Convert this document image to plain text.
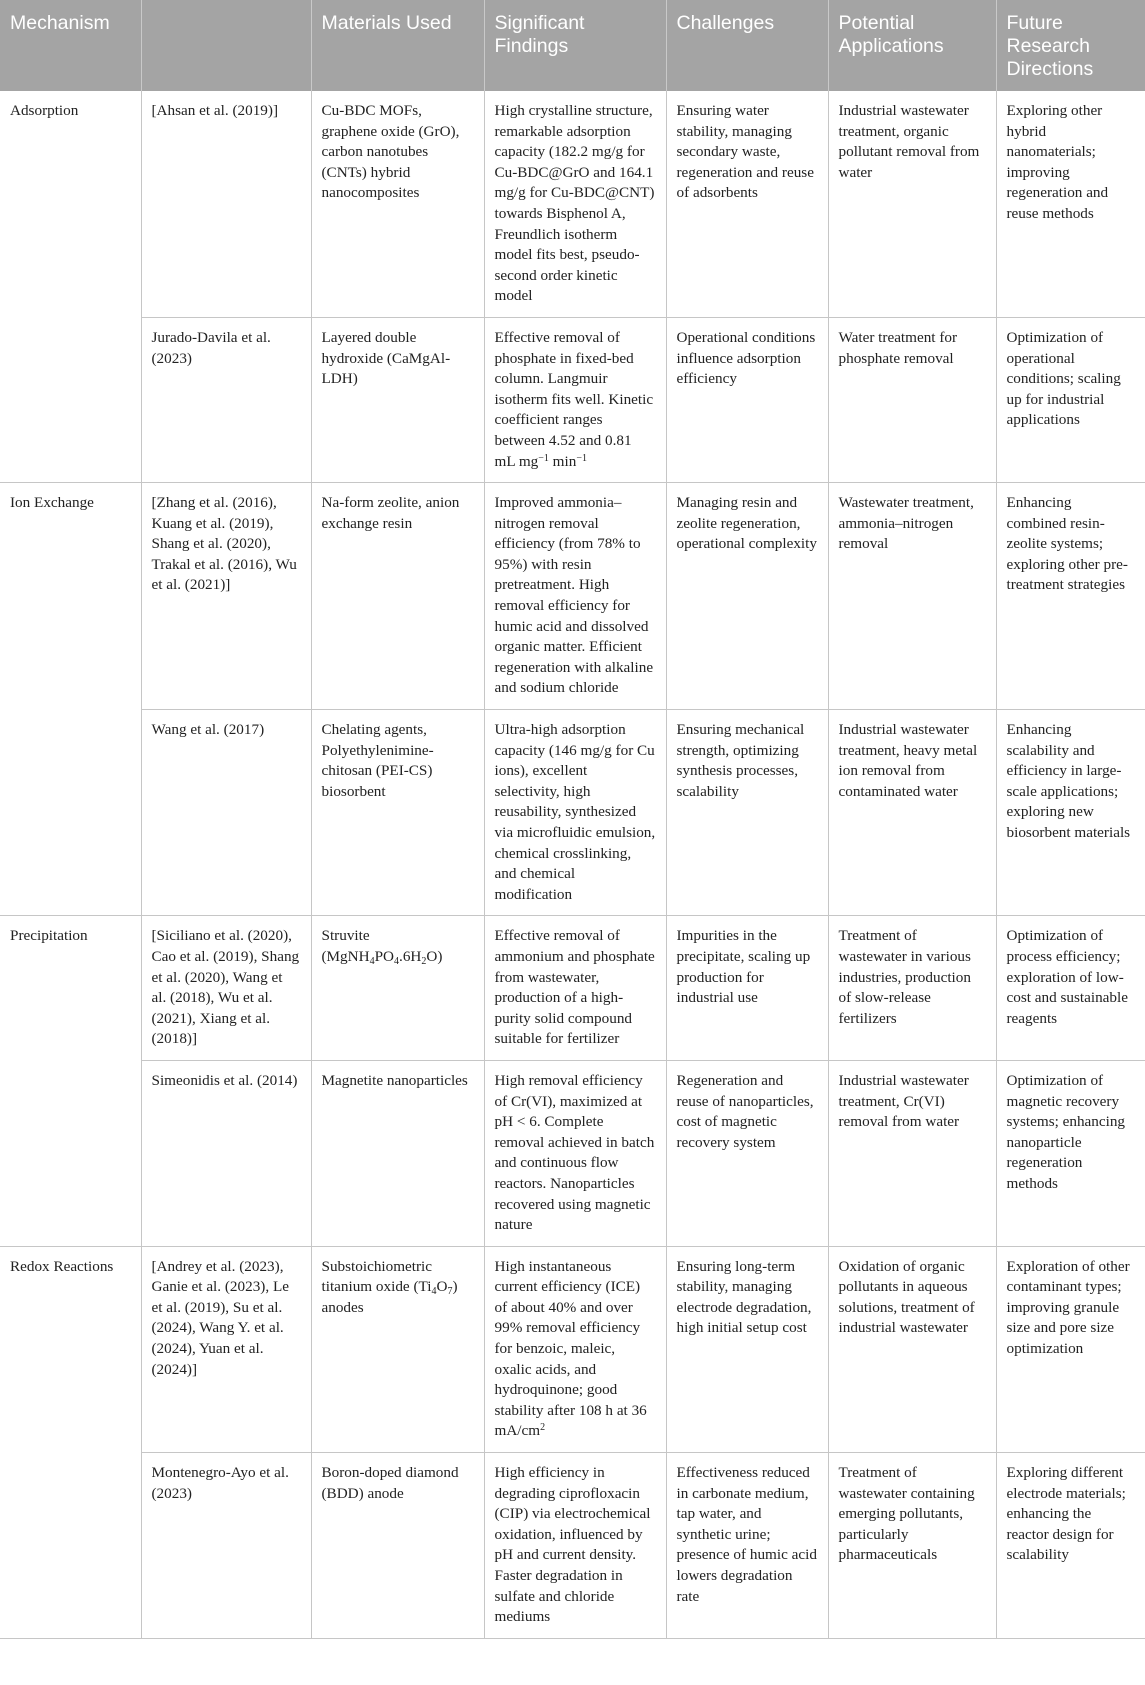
Mechanism		Materials Used	Significant Findings	Challenges	Potential Applications	Future Research Directions
Adsorption	[Ahsan et al. (2019)]	Cu-BDC MOFs, graphene oxide (GrO), carbon nanotubes (CNTs) hybrid nanocomposites	High crystalline structure, remarkable adsorption capacity (182.2 mg/g for Cu-BDC@GrO and 164.1 mg/g for Cu-BDC@CNT) towards Bisphenol A, Freundlich isotherm model fits best, pseudo-second order kinetic model	Ensuring water stability, managing secondary waste, regeneration and reuse of adsorbents	Industrial wastewater treatment, organic pollutant removal from water	Exploring other hybrid nanomaterials; improving regeneration and reuse methods
	Jurado-Davila et al. (2023)	Layered double hydroxide (CaMgAl-LDH)	Effective removal of phosphate in fixed-bed column. Langmuir isotherm fits well. Kinetic coefficient ranges between 4.52 and 0.81 mL $mg^{-1}$ $\min^{-1}$	Operational conditions influence adsorption efficiency	Water treatment for phosphate removal	Optimization of operational conditions; scaling up for industrial applications
Ion Exchange	[Zhang et al. (2016), Kuang et al. (2019), Shang et al. (2020), Trakal et al. (2016), Wu et al. (2021)]	Na-form zeolite, anion exchange resin	Improved ammonia–nitrogen removal efficiency (from 78% to 95%) with resin pretreatment. High removal efficiency for humic acid and dissolved organic matter. Efficient regeneration with alkaline and sodium chloride	Managing resin and zeolite regeneration, operational complexity	Wastewater treatment, ammonia–nitrogen removal	Enhancing combined resin-zeolite systems; exploring other pre-treatment strategies
	Wang et al. (2017)	Chelating agents, Polyethylenimine-chitosan (PEI-CS) biosorbent	Ultra-high adsorption capacity (146 mg/g for Cu ions), excellent selectivity, high reusability, synthesized via microfluidic emulsion, chemical crosslinking, and chemical modification	Ensuring mechanical strength, optimizing synthesis processes, scalability	Industrial wastewater treatment, heavy metal ion removal from contaminated water	Enhancing scalability and efficiency in large-scale applications; exploring new biosorbent materials
Precipitation	[Siciliano et al. (2020), Cao et al. (2019), Shang et al. (2020), Wang et al. (2018), Wu et al. (2021), Xiang et al. (2018)]	Struvite $(MgNH_4PO_4.6H_2O)$	Effective removal of ammonium and phosphate from wastewater, production of a high-purity solid compound suitable for fertilizer	Impurities in the precipitate, scaling up production for industrial use	Treatment of wastewater in various industries, production of slow-release fertilizers	Optimization of process efficiency; exploration of low-cost and sustainable reagents
	Simeonidis et al. (2014)	Magnetite nanoparticles	High removal efficiency of Cr(VI), maximized at pH < 6. Complete removal achieved in batch and continuous flow reactors. Nanoparticles recovered using magnetic nature	Regeneration and reuse of nanoparticles, cost of magnetic recovery system	Industrial wastewater treatment, Cr(VI) removal from water	Optimization of magnetic recovery systems; enhancing nanoparticle regeneration methods
Redox Reactions	[Andrey et al. (2023), Ganie et al. (2023), Le et al. (2019), Su et al. (2024), Wang Y. et al. (2024), Yuan et al. (2024)]	Substoichiometric titanium oxide $(Ti_4O_7)$ anodes	High instantaneous current efficiency (ICE) of about 40% and over 99% removal efficiency for benzoic, maleic, oxalic acids, and hydroquinone; good stability after 108 h at 36 $mA/cm^2$	Ensuring long-term stability, managing electrode degradation, high initial setup cost	Oxidation of organic pollutants in aqueous solutions, treatment of industrial wastewater	Exploration of other contaminant types; improving granule size and pore size optimization
	Montenegro-Ayo et al. (2023)	Boron-doped diamond (BDD) anode	High efficiency in degrading ciprofloxacin (CIP) via electrochemical oxidation, influenced by pH and current density. Faster degradation in sulfate and chloride mediums	Effectiveness reduced in carbonate medium, tap water, and synthetic urine; presence of humic acid lowers degradation rate	Treatment of wastewater containing emerging pollutants, particularly pharmaceuticals	Exploring different electrode materials; enhancing the reactor design for scalability
